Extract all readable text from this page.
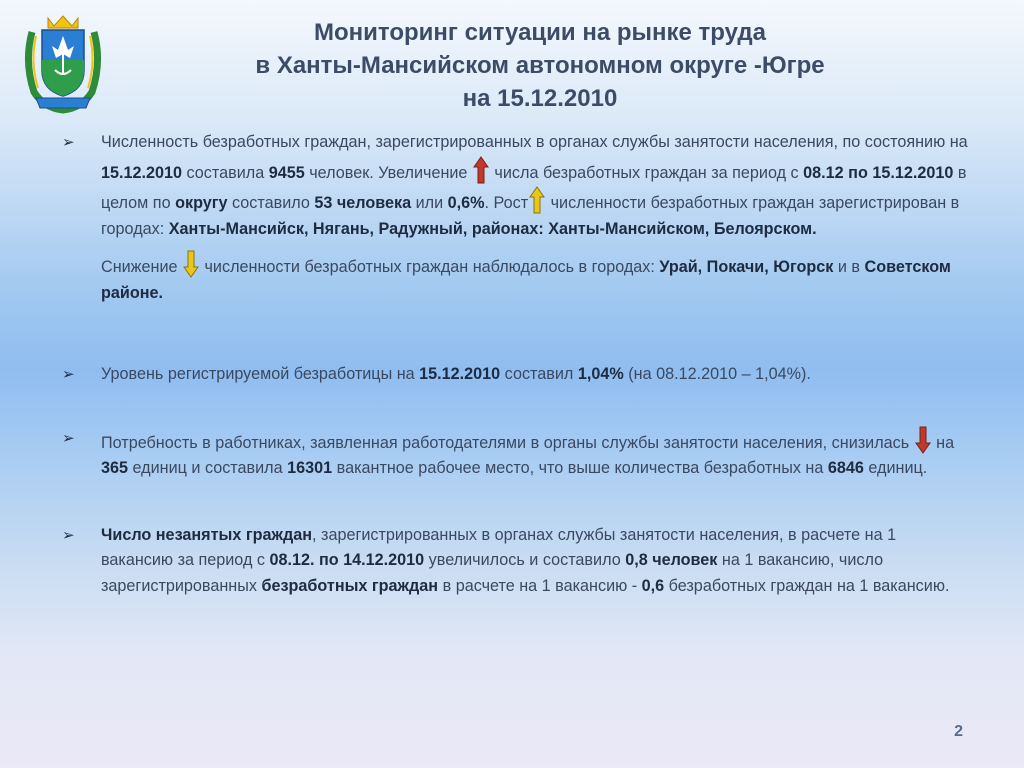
Мониторинг ситуации на рынке труда
в Ханты-Мансийском автономном округе -Югре
на 15.12.2010

➢ Численность безработных граждан, зарегистрированных в органах службы занятости населения, по состоянию на 15.12.2010 составила 9455 человек. Увеличение  числа безработных граждан за период с 08.12 по 15.12.2010 в целом по округу составило 53 человека или 0,6%. Рост численности безработных граждан зарегистрирован в городах: Ханты-Мансийск, Нягань, Радужный, районах: Ханты-Мансийском, Белоярском.

Снижение  численности безработных граждан наблюдалось в городах: Урай, Покачи, Югорск и в Советском районе.

➢ Уровень регистрируемой безработицы на 15.12.2010 составил 1,04% (на 08.12.2010 – 1,04%).

➢ Потребность в работниках, заявленная работодателями в органы службы занятости населения, снизилась  на 365 единиц и составила 16301 вакантное рабочее место, что выше количества безработных на 6846 единиц.

➢ Число незанятых граждан, зарегистрированных в органах службы занятости населения, в расчете на 1 вакансию за период с 08.12. по 14.12.2010 увеличилось и составило 0,8 человек на 1 вакансию, число зарегистрированных безработных граждан в расчете на 1 вакансию - 0,6 безработных граждан на 1 вакансию.

2
